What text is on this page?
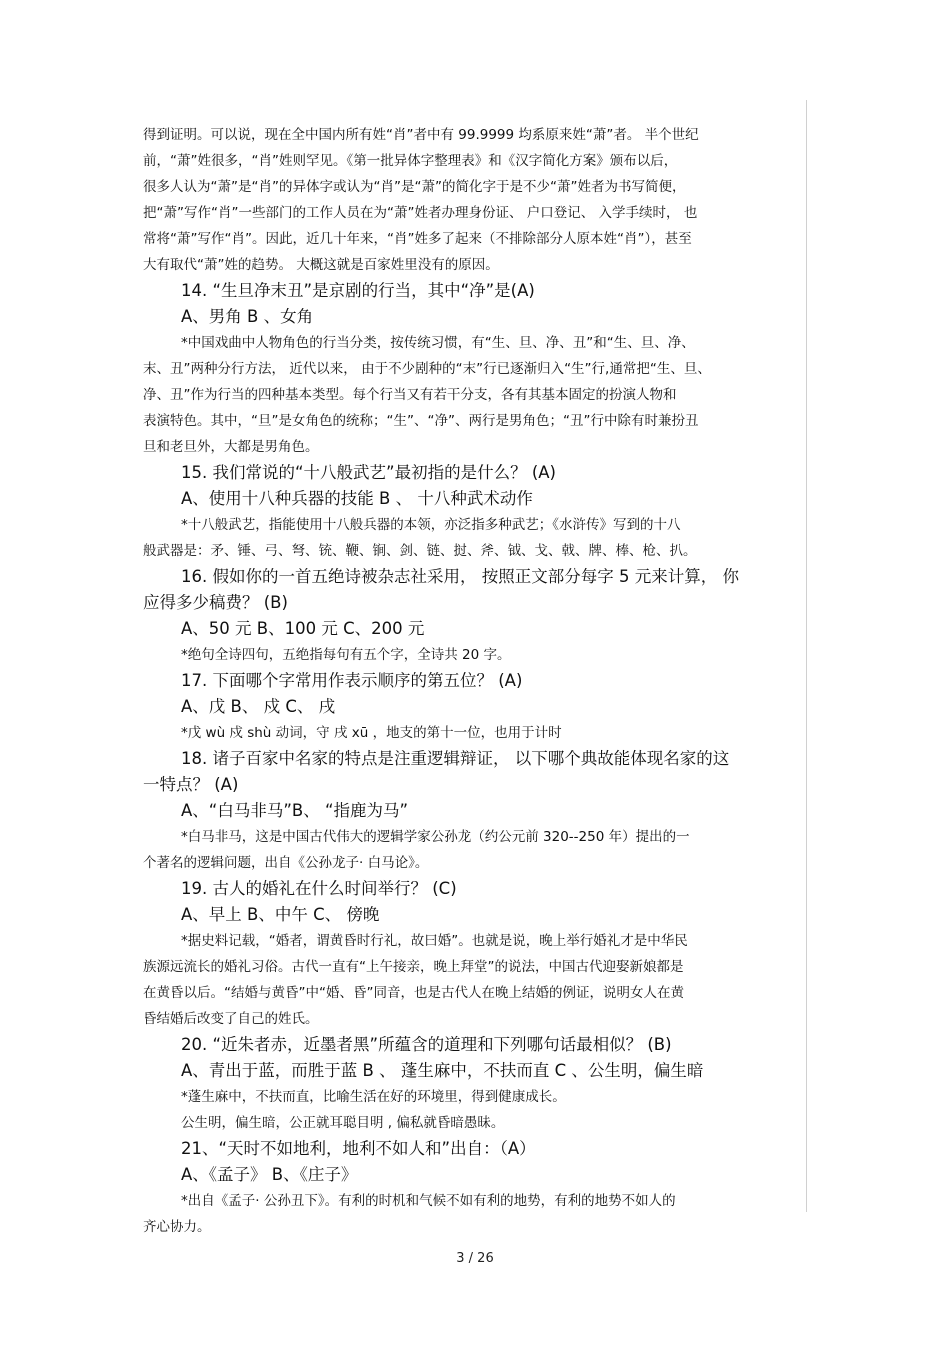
得到证明。可以说，现在全中国内所有姓“肖”者中有 99.9999 均系原来姓“萧”者。 半个世纪
前，“萧”姓很多，“肖”姓则罕见。《第一批异体字整理表》和《汉字简化方案》颁布以后，
很多人认为“萧”是“肖”的异体字或认为“肖”是“萧”的简化字于是不少“萧”姓者为书写简便，
把“萧”写作“肖”一些部门的工作人员在为“萧”姓者办理身份证、 户口登记、 入学手续时， 也
常将“萧”写作“肖”。因此，近几十年来，“肖”姓多了起来（不排除部分人原本姓“肖”），甚至
大有取代“萧”姓的趋势。 大概这就是百家姓里没有的原因。
14. “生旦净末丑”是京剧的行当，其中“净”是(A)
A、男角 B 、女角
*中国戏曲中人物角色的行当分类，按传统习惯，有“生、旦、净、丑”和“生、旦、净、
末、丑”两种分行方法， 近代以来， 由于不少剧种的“末”行已逐渐归入“生”行,通常把“生、旦、
净、丑”作为行当的四种基本类型。每个行当又有若干分支，各有其基本固定的扮演人物和
表演特色。其中，“旦”是女角色的统称；“生”、“净”、两行是男角色；“丑”行中除有时兼扮丑
旦和老旦外，大都是男角色。
15. 我们常说的“十八般武艺”最初指的是什么？ (A)
A、使用十八种兵器的技能 B 、 十八种武术动作
*十八般武艺，指能使用十八般兵器的本领，亦泛指多种武艺；《水浒传》写到的十八
般武器是：矛、锤、弓、弩、铳、鞭、锏、剑、链、挝、斧、钺、戈、戟、牌、棒、枪、扒。
16. 假如你的一首五绝诗被杂志社采用， 按照正文部分每字 5 元来计算， 你
应得多少稿费？ (B)
A、50 元 B、100 元 C、200 元
*绝句全诗四句，五绝指每句有五个字，全诗共 20 字。
17. 下面哪个字常用作表示顺序的第五位？ (A)
A、戊 B、 戍 C、 戌
*戊 wù 戍 shù 动词，守 戌 xū ，地支的第十一位，也用于计时
18. 诸子百家中名家的特点是注重逻辑辩证， 以下哪个典故能体现名家的这
一特点？ (A)
A、“白马非马”B、 “指鹿为马”
*白马非马，这是中国古代伟大的逻辑学家公孙龙（约公元前 320--250 年）提出的一
个著名的逻辑问题，出自《公孙龙子· 白马论》。
19. 古人的婚礼在什么时间举行？ (C)
A、早上 B、中午 C、 傍晚
*据史料记载，“婚者，谓黄昏时行礼，故曰婚”。也就是说，晚上举行婚礼才是中华民
族源远流长的婚礼习俗。古代一直有“上午接亲，晚上拜堂”的说法，中国古代迎娶新娘都是
在黄昏以后。“结婚与黄昏”中“婚、昏”同音，也是古代人在晚上结婚的例证，说明女人在黄
昏结婚后改变了自己的姓氏。
20. “近朱者赤，近墨者黑”所蕴含的道理和下列哪句话最相似？ (B)
A、青出于蓝，而胜于蓝 B 、 蓬生麻中，不扶而直 C 、公生明，偏生暗
*蓬生麻中，不扶而直，比喻生活在好的环境里，得到健康成长。
公生明，偏生暗，公正就耳聪目明 , 偏私就昏暗愚昧。
21、“天时不如地利，地利不如人和”出自：（A）
A、《孟子》 B、《庄子》
*出自《孟子· 公孙丑下》。有利的时机和气候不如有利的地势，有利的地势不如人的
齐心协力。
3 / 26
